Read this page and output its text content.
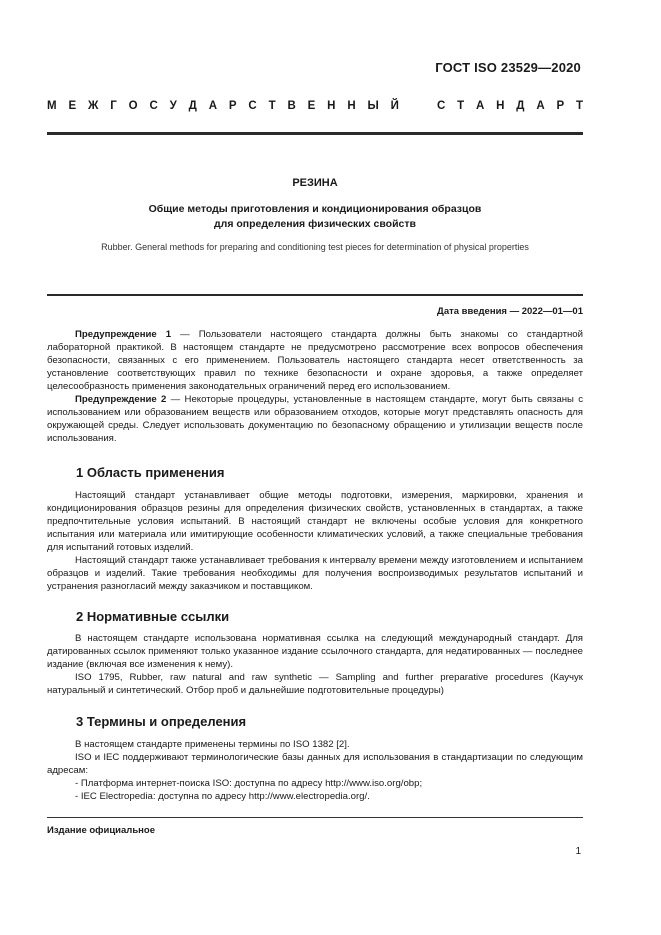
ГОСТ ISO 23529—2020
М Е Ж Г О С У Д А Р С Т В Е Н Н Ы Й	С Т А Н Д А Р Т
РЕЗИНА
Общие методы приготовления и кондиционирования образцов
для определения физических свойств
Rubber. General methods for preparing and conditioning test pieces for determination of physical properties
Дата введения — 2022—01—01

Предупреждение 1 — Пользователи настоящего стандарта должны быть знакомы со стандартной лабораторной практикой. В настоящем стандарте не предусмотрено рассмотрение всех вопросов обеспечения безопасности, связанных с его применением. Пользователь настоящего стандарта несет ответственность за установление соответствующих правил по технике безопасности и охране здоровья, а также определяет целесообразность применения законодательных ограничений перед его использованием.

Предупреждение 2 — Некоторые процедуры, установленные в настоящем стандарте, могут быть связаны с использованием или образованием веществ или образованием отходов, которые могут представлять опасность для окружающей среды. Следует использовать документацию по безопасному обращению и утилизации веществ после использования.

1 Область применения

Настоящий стандарт устанавливает общие методы подготовки, измерения, маркировки, хранения и кондиционирования образцов резины для определения физических свойств, установленных в стандартах, а также предпочтительные условия испытаний. В настоящий стандарт не включены особые условия для конкретного испытания или материала или имитирующие особенности климатических условий, а также специальные требования для испытаний готовых изделий.

Настоящий стандарт также устанавливает требования к интервалу времени между изготовлением и испытанием образцов и изделий. Такие требования необходимы для получения воспроизводимых результатов испытаний и устранения разногласий между заказчиком и поставщиком.

2 Нормативные ссылки

В настоящем стандарте использована нормативная ссылка на следующий международный стандарт. Для датированных ссылок применяют только указанное издание ссылочного стандарта, для недатированных — последнее издание (включая все изменения к нему).

ISO 1795, Rubber, raw natural and raw synthetic — Sampling and further preparative procedures (Каучук натуральный и синтетический. Отбор проб и дальнейшие подготовительные процедуры)

3 Термины и определения

В настоящем стандарте применены термины по ISO 1382 [2].

ISO и IEC поддерживают терминологические базы данных для использования в стандартизации по следующим адресам:

- Платформа интернет-поиска ISO: доступна по адресу http://www.iso.org/obp;

- IEC Electropedia: доступна по адресу http://www.electropedia.org/.

Издание официальное
1
